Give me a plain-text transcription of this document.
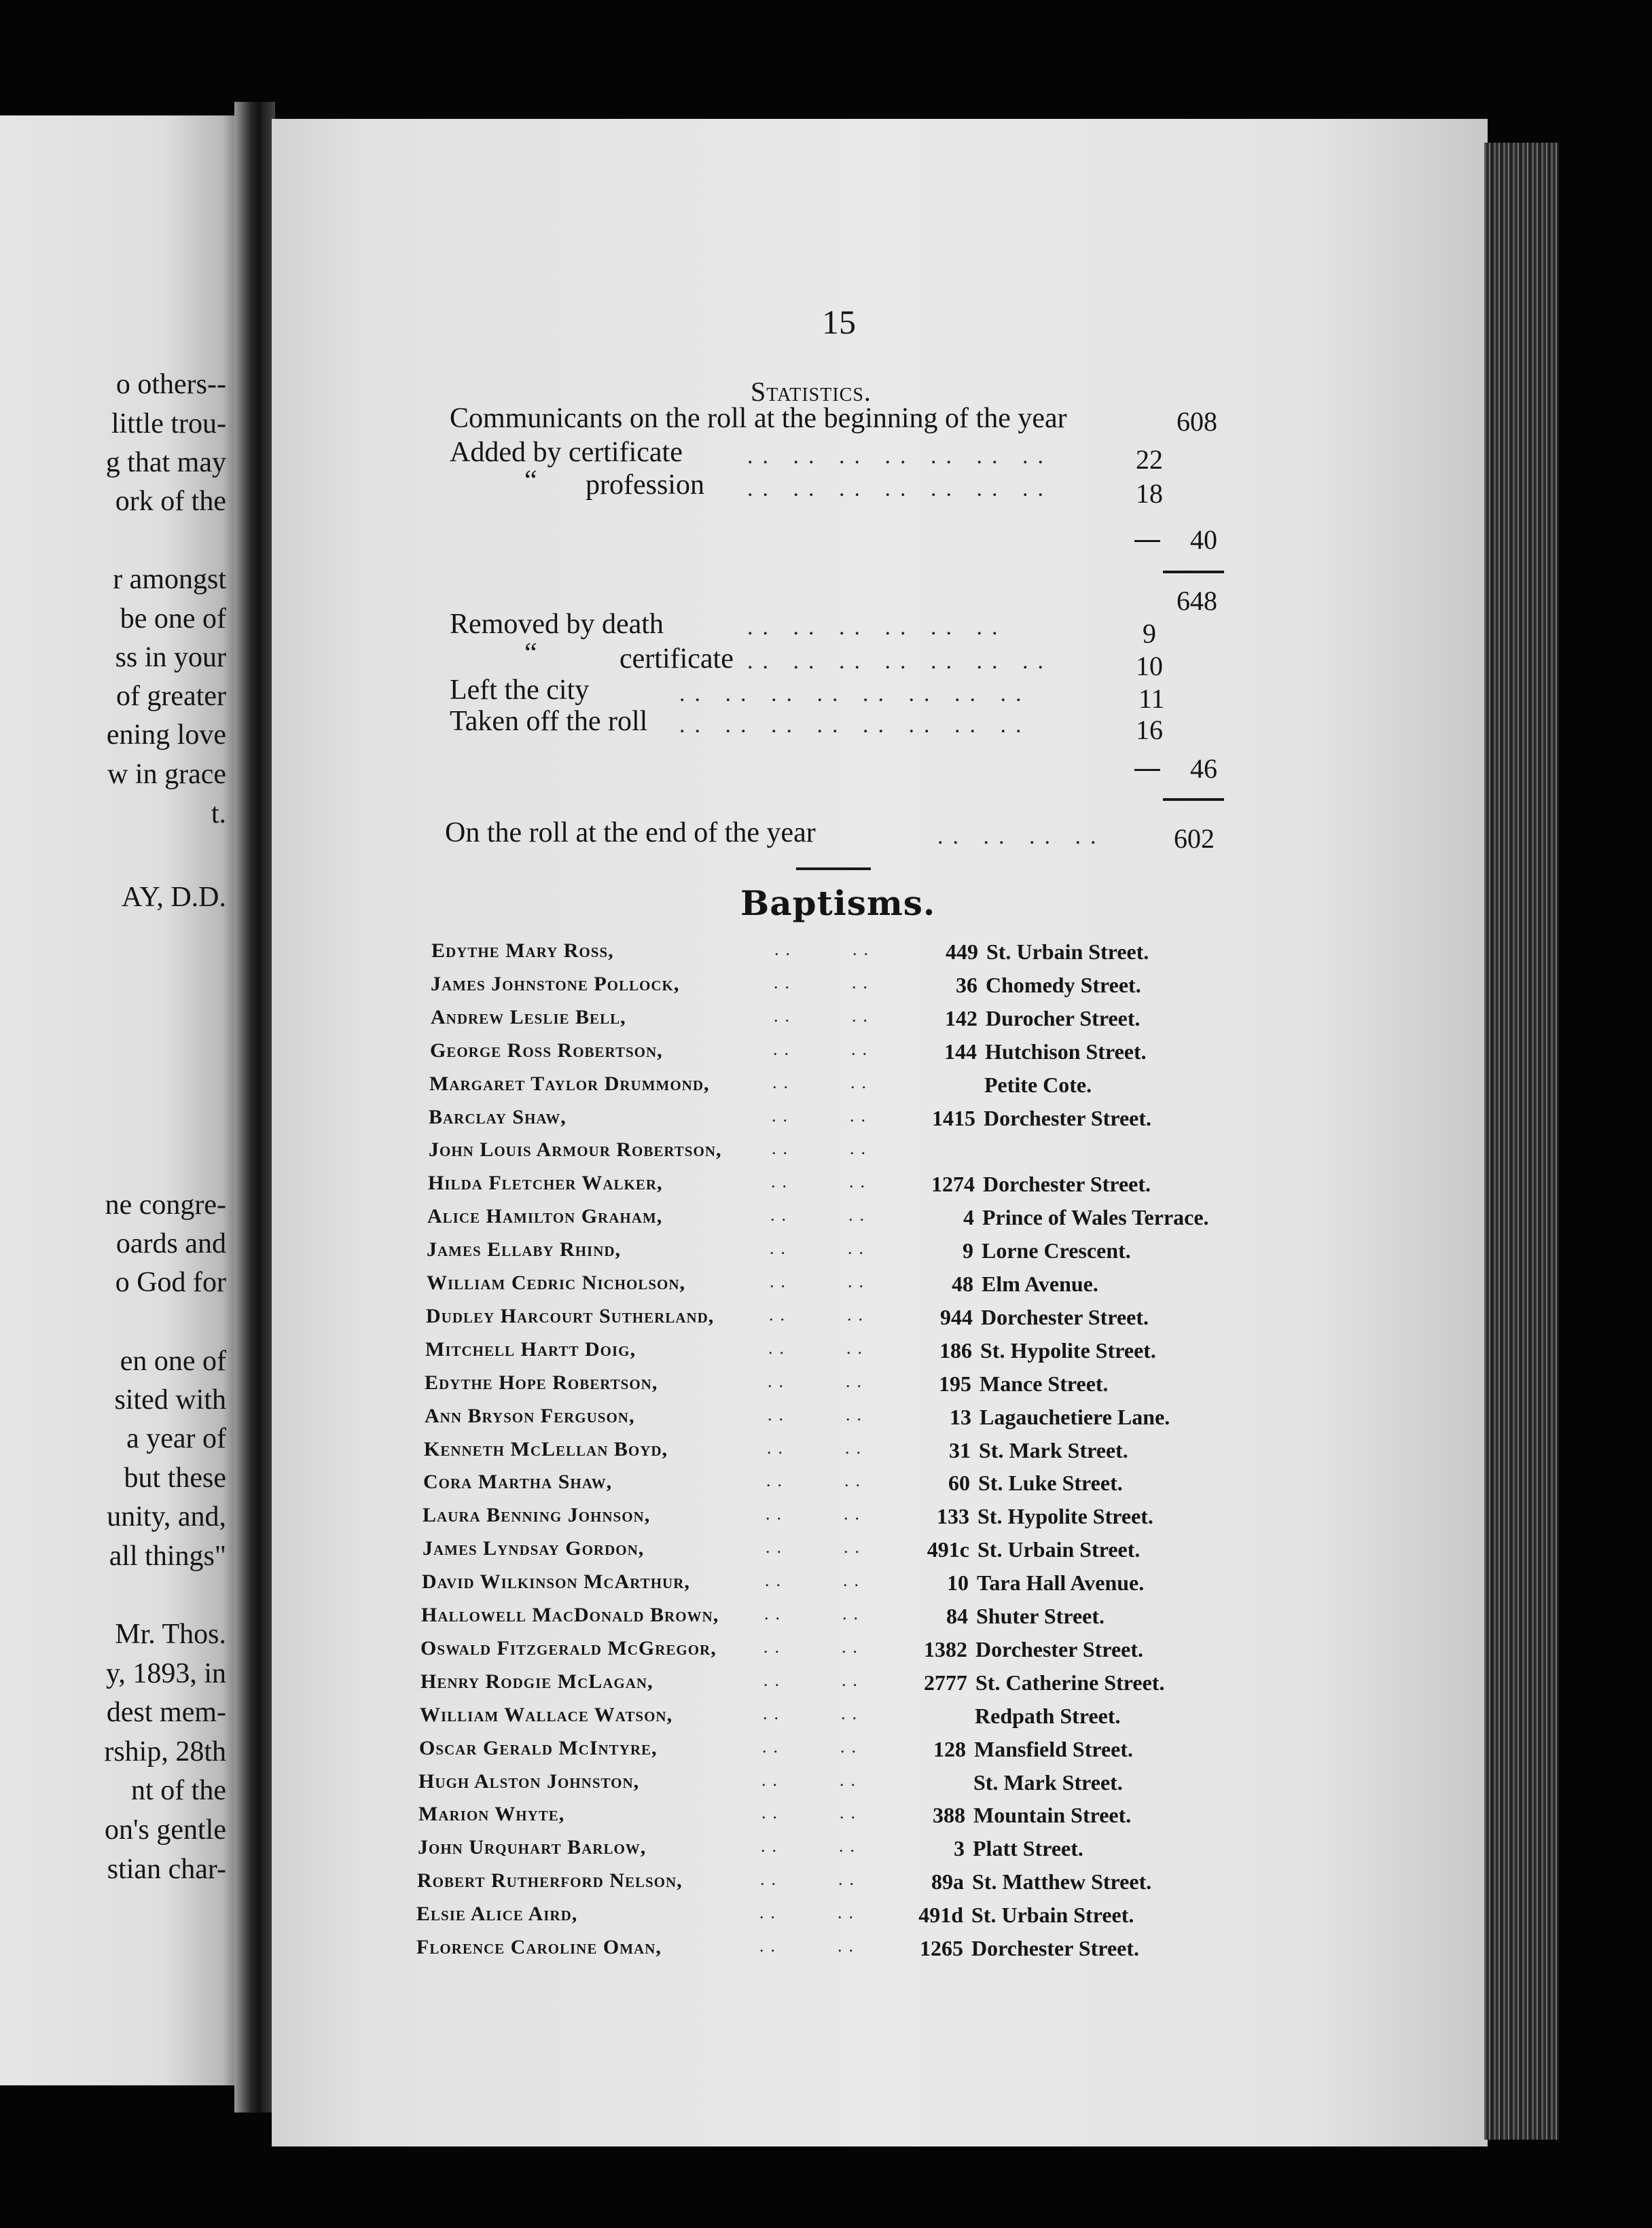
o others--
little trou-
g that may
ork of the
r amongst
be one of
ss in your
of greater
ening love
w in grace
t.
AY, D.D.
ne congre-
oards and
o God for
en one of
sited with
a year of
but these
unity, and,
all things"
Mr. Thos.
y, 1893, in
dest mem-
rship, 28th
nt of the
on's gentle
stian char-
15
Statistics.
Communicants on the roll at the beginning of the year	608
Added by certificate	.. .. .. .. .. .. ..	22
“ profession .. .. .. .. .. .. ..	18
40
648
Removed by death	.. .. .. .. .. ..	9
“	certificate .. .. .. .. .. .. ..	10
Left the city	.. .. .. .. .. .. .. ..	11
Taken off the roll .. .. .. .. .. .. .. ..	16
46
On the roll at the end of the year	.. .. .. ..	602
Baptisms.
Edythe Mary Ross,	..	..	449 St. Urbain Street.
James Johnstone Pollock,	..	..	36 Chomedy Street.
Andrew Leslie Bell,	..	..	142 Durocher Street.
George Ross Robertson,	..	..	144 Hutchison Street.
Margaret Taylor Drummond,	..	..	Petite Cote.
Barclay Shaw,	..	..	1415 Dorchester Street.
John Louis Armour Robertson,	..	..
Hilda Fletcher Walker,	..	..	1274 Dorchester Street.
Alice Hamilton Graham,	..	..	4 Prince of Wales Terrace.
James Ellaby Rhind,	..	..	9 Lorne Crescent.
William Cedric Nicholson,	..	..	48 Elm Avenue.
Dudley Harcourt Sutherland,	..	..	944 Dorchester Street.
Mitchell Hartt Doig,	..	..	186 St. Hypolite Street.
Edythe Hope Robertson,	..	..	195 Mance Street.
Ann Bryson Ferguson,	..	..	13 Lagauchetiere Lane.
Kenneth McLellan Boyd,	..	..	31 St. Mark Street.
Cora Martha Shaw,	..	..	60 St. Luke Street.
Laura Benning Johnson,	..	..	133 St. Hypolite Street.
James Lyndsay Gordon,	..	..	491c St. Urbain Street.
David Wilkinson McArthur,	..	..	10 Tara Hall Avenue.
Hallowell MacDonald Brown,	..	..	84 Shuter Street.
Oswald Fitzgerald McGregor,	..	..	1382 Dorchester Street.
Henry Rodgie McLagan,	..	..	2777 St. Catherine Street.
William Wallace Watson,	..	..	Redpath Street.
Oscar Gerald McIntyre,	..	..	128 Mansfield Street.
Hugh Alston Johnston,	..	..	St. Mark Street.
Marion Whyte,	..	..	388 Mountain Street.
John Urquhart Barlow,	..	..	3 Platt Street.
Robert Rutherford Nelson,	..	..	89a St. Matthew Street.
Elsie Alice Aird,	..	..	491d St. Urbain Street.
Florence Caroline Oman,	..	..	1265 Dorchester Street.
